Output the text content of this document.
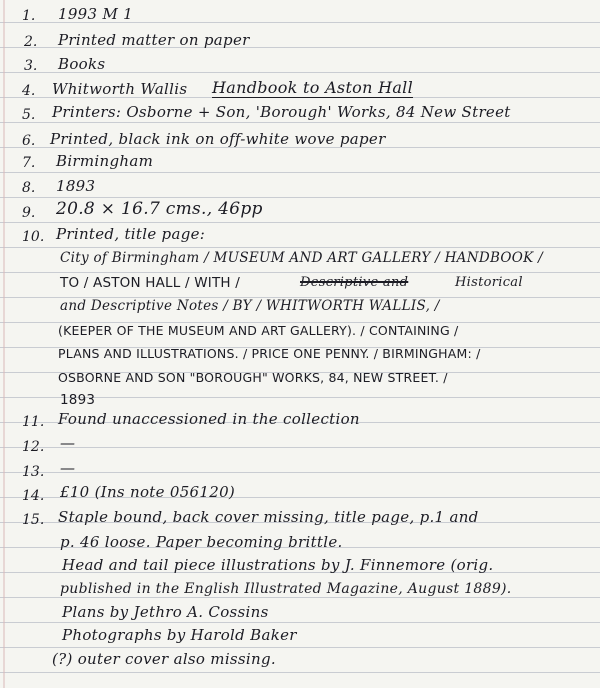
1. 1993 M 1
2. Printed matter on paper
3. Books
4. Whitworth Wallis Handbook to Aston Hall
5. Printers: Osborne + Son, 'Borough' Works, 84 New Street
6. Printed, black ink on off-white wove paper
7. Birmingham
8. 1893
9. 20.8 × 16.7 cms., 46pp
10. Printed, title page:
City of Birmingham / MUSEUM AND ART GALLERY / HANDBOOK /
TO / ASTON HALL / WITH /	Descriptive and	Historical
and Descriptive Notes / BY / WHITWORTH WALLIS, /
(KEEPER OF THE MUSEUM AND ART GALLERY). / CONTAINING /
PLANS AND ILLUSTRATIONS. / PRICE ONE PENNY. / BIRMINGHAM: /
OSBORNE AND SON "BOROUGH" WORKS, 84, NEW STREET. /
1893
11. Found unaccessioned in the collection
12. —
13. —
14. £10 (Ins note 056120)
15. Staple bound, back cover missing, title page, p.1 and
p. 46 loose. Paper becoming brittle.
Head and tail piece illustrations by J. Finnemore (orig.
published in the English Illustrated Magazine, August 1889).
Plans by Jethro A. Cossins
Photographs by Harold Baker
(?) outer cover also missing.
